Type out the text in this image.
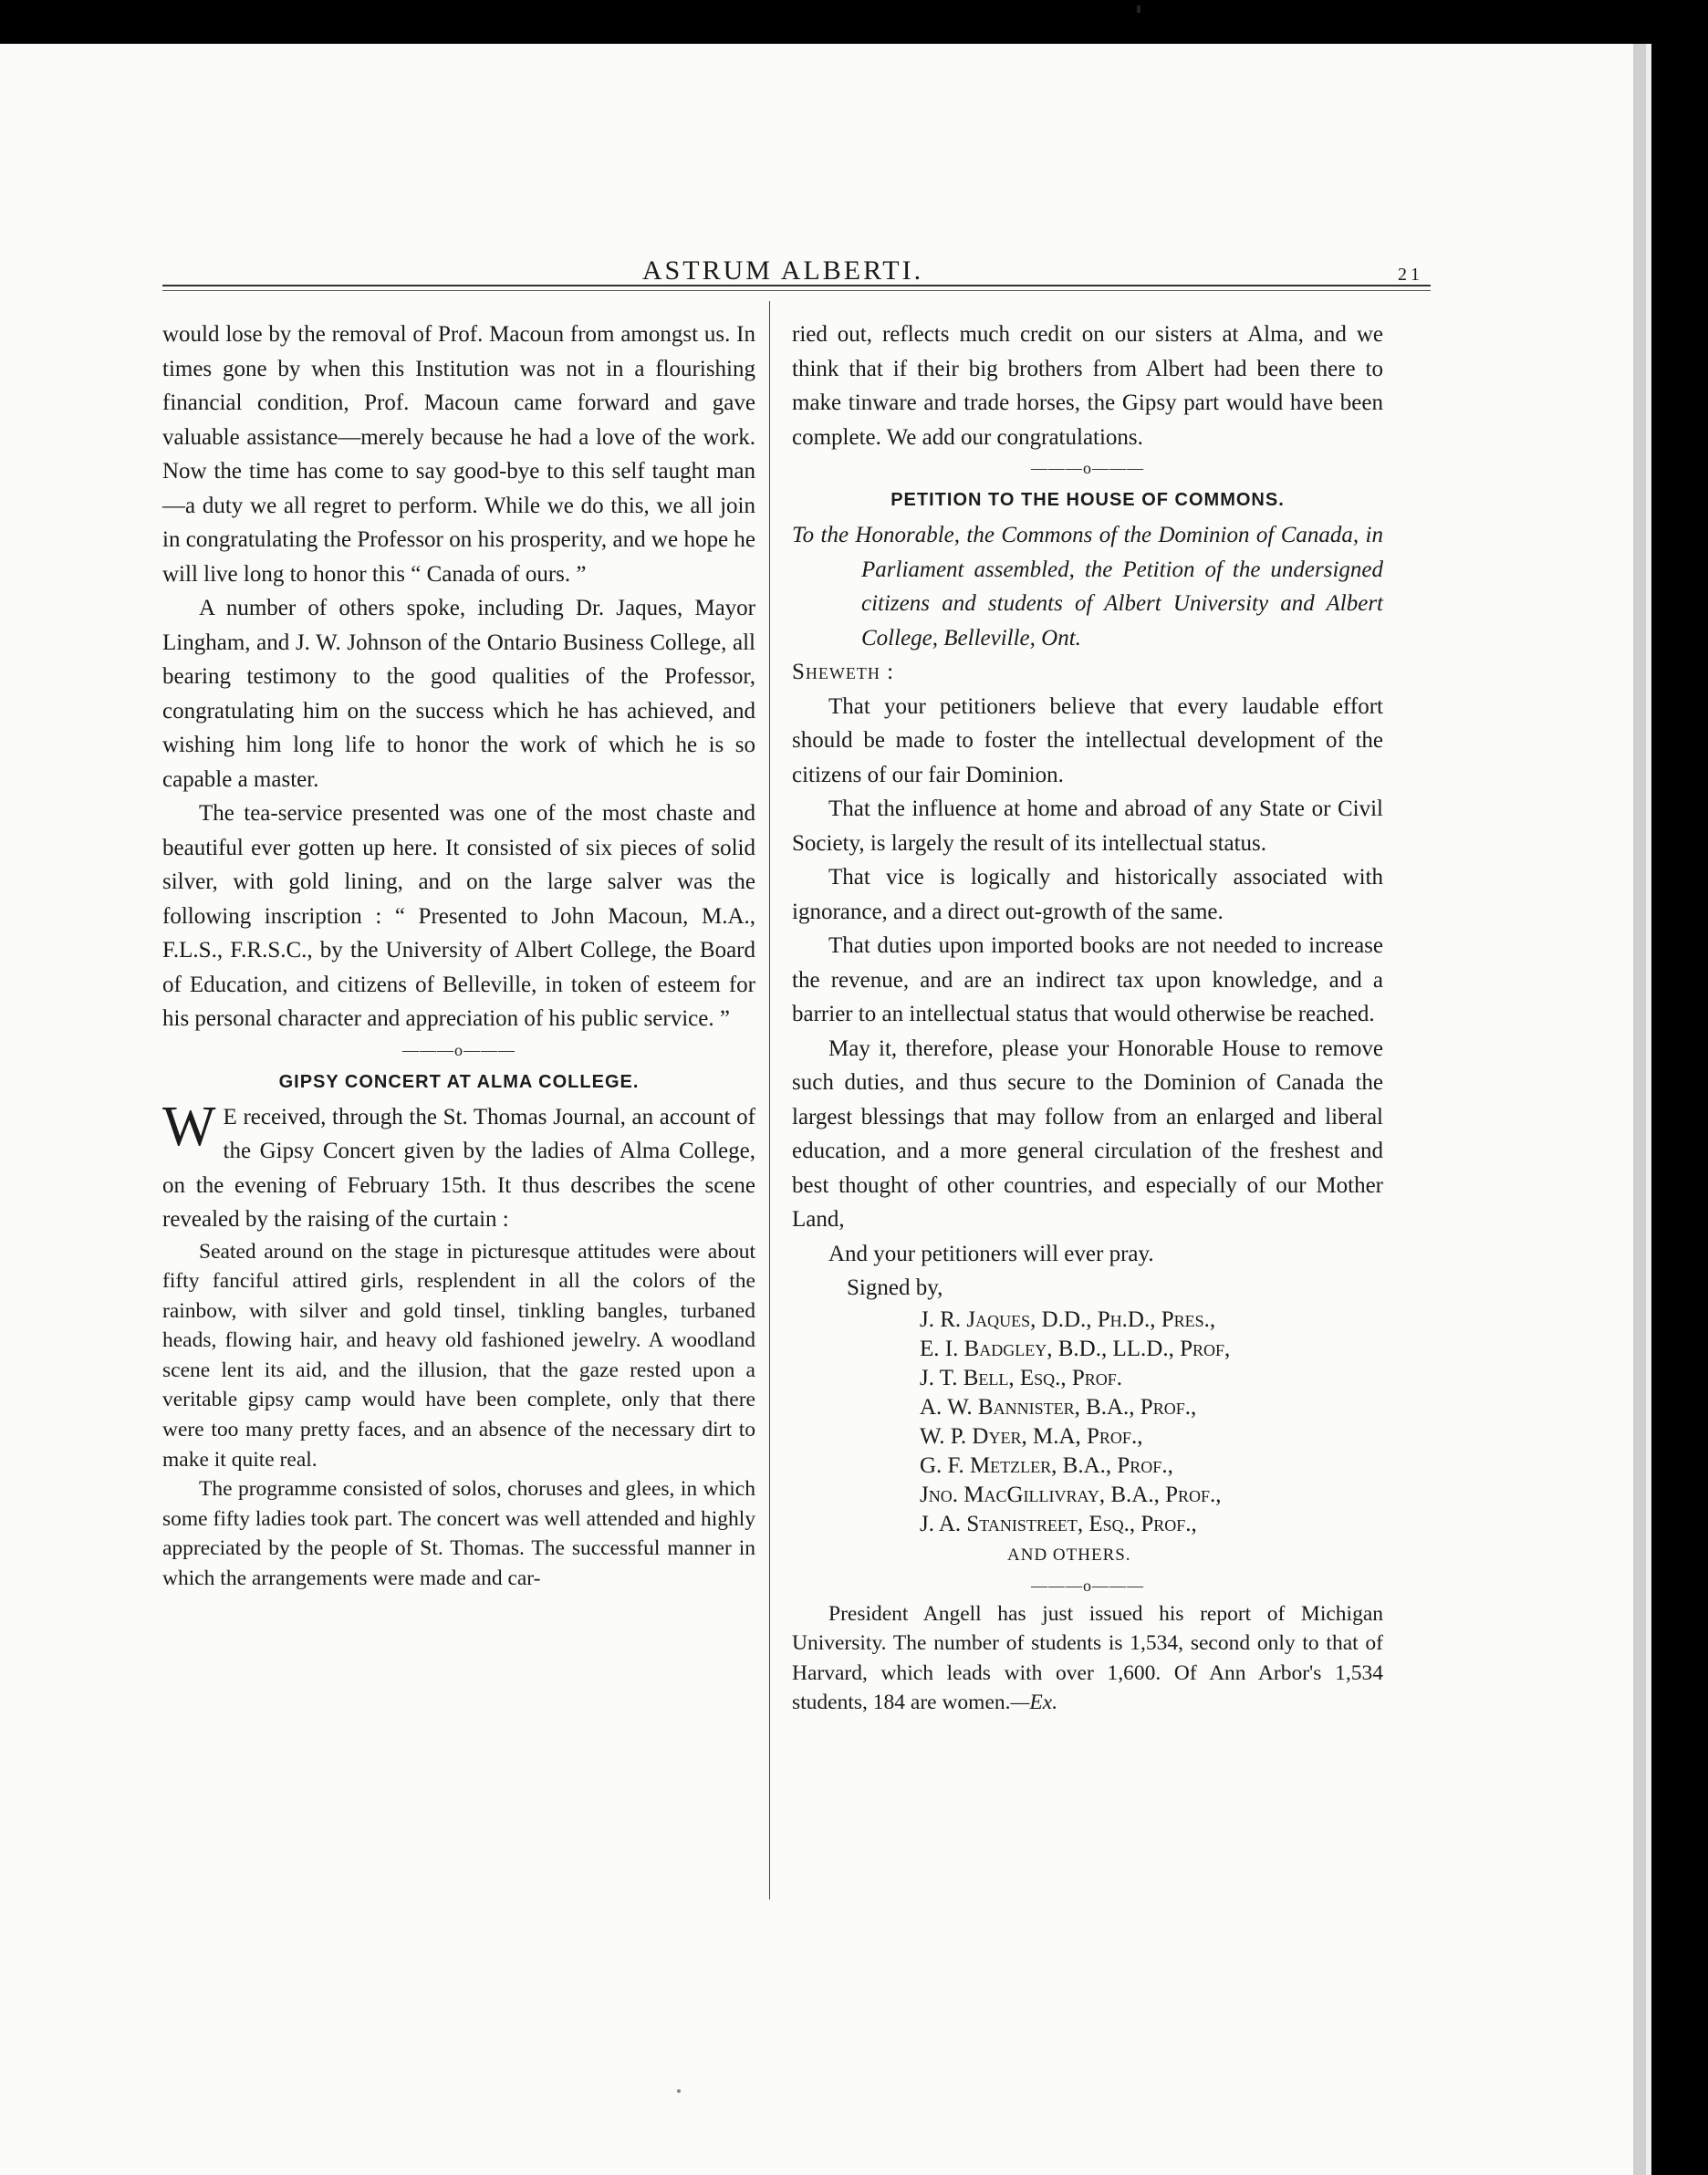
ASTRUM ALBERTI.	21

would lose by the removal of Prof. Macoun from amongst us. In times gone by when this Institution was not in a flourishing financial condition, Prof. Macoun came forward and gave valuable assistance—merely because he had a love of the work. Now the time has come to say good-bye to this self taught man—a duty we all regret to perform. While we do this, we all join in congratulating the Professor on his prosperity, and we hope he will live long to honor this “ Canada of ours. ”

A number of others spoke, including Dr. Jaques, Mayor Lingham, and J. W. Johnson of the Ontario Business College, all bearing testimony to the good qualities of the Professor, congratulating him on the success which he has achieved, and wishing him long life to honor the work of which he is so capable a master.

The tea-service presented was one of the most chaste and beautiful ever gotten up here. It consisted of six pieces of solid silver, with gold lining, and on the large salver was the following inscription : “ Presented to John Macoun, M.A., F.L.S., F.R.S.C., by the University of Albert College, the Board of Education, and citizens of Belleville, in token of esteem for his personal character and appreciation of his public service. ”

———o———
GIPSY CONCERT AT ALMA COLLEGE.

W E received, through the St. Thomas Journal, an account of the Gipsy Concert given by the ladies of Alma College, on the evening of February 15th. It thus describes the scene revealed by the raising of the curtain :

Seated around on the stage in picturesque attitudes were about fifty fanciful attired girls, resplendent in all the colors of the rainbow, with silver and gold tinsel, tinkling bangles, turbaned heads, flowing hair, and heavy old fashioned jewelry. A woodland scene lent its aid, and the illusion, that the gaze rested upon a veritable gipsy camp would have been complete, only that there were too many pretty faces, and an absence of the necessary dirt to make it quite real.

The programme consisted of solos, choruses and glees, in which some fifty ladies took part. The concert was well attended and highly appreciated by the people of St. Thomas. The successful manner in which the arrangements were made and car-

ried out, reflects much credit on our sisters at Alma, and we think that if their big brothers from Albert had been there to make tinware and trade horses, the Gipsy part would have been complete. We add our congratulations.

———o———
PETITION TO THE HOUSE OF COMMONS.

To the Honorable, the Commons of the Dominion of Canada, in Parliament assembled, the Petition of the undersigned citizens and students of Albert University and Albert College, Belleville, Ont.

Sheweth :

That your petitioners believe that every laudable effort should be made to foster the intellectual development of the citizens of our fair Dominion.

That the influence at home and abroad of any State or Civil Society, is largely the result of its intellectual status.

That vice is logically and historically associated with ignorance, and a direct out-growth of the same.

That duties upon imported books are not needed to increase the revenue, and are an indirect tax upon knowledge, and a barrier to an intellectual status that would otherwise be reached.

May it, therefore, please your Honorable House to remove such duties, and thus secure to the Dominion of Canada the largest blessings that may follow from an enlarged and liberal education, and a more general circulation of the freshest and best thought of other countries, and especially of our Mother Land,

And your petitioners will ever pray.

Signed by,

J. R. Jaques, D.D., Ph.D., Pres.,
E. I. Badgley, B.D., LL.D., Prof,
J. T. Bell, Esq., Prof.
A. W. Bannister, B.A., Prof.,
W. P. Dyer, M.A, Prof.,
G. F. Metzler, B.A., Prof.,
Jno. MacGillivray, B.A., Prof.,
J. A. Stanistreet, Esq., Prof.,
AND OTHERS.
———o———

President Angell has just issued his report of Michigan University. The number of students is 1,534, second only to that of Harvard, which leads with over 1,600. Of Ann Arbor's 1,534 students, 184 are women.—Ex.
